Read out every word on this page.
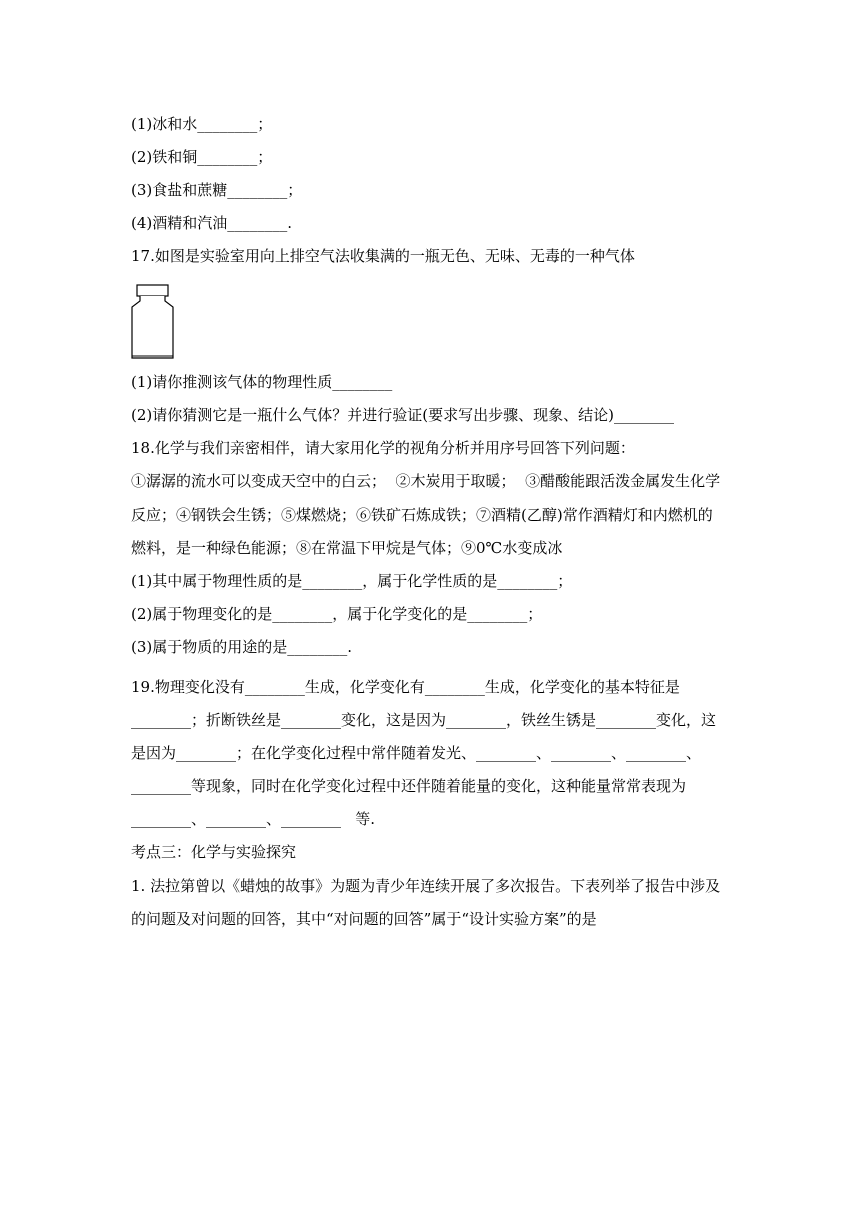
(1)冰和水________；
(2)铁和铜________；
(3)食盐和蔗糖________；
(4)酒精和汽油________.
17.如图是实验室用向上排空气法收集满的一瓶无色、无味、无毒的一种气体
(1)请你推测该气体的物理性质________
(2)请你猜测它是一瓶什么气体？并进行验证(要求写出步骤、现象、结论)________
18.化学与我们亲密相伴，请大家用化学的视角分析并用序号回答下列问题：
①潺潺的流水可以变成天空中的白云；  ②木炭用于取暖；  ③醋酸能跟活泼金属发生化学
反应；④钢铁会生锈；⑤煤燃烧；⑥铁矿石炼成铁；⑦酒精(乙醇)常作酒精灯和内燃机的
燃料，是一种绿色能源；⑧在常温下甲烷是气体；⑨0℃水变成冰
(1)其中属于物理性质的是________，属于化学性质的是________；
(2)属于物理变化的是________，属于化学变化的是________；
(3)属于物质的用途的是________.
19.物理变化没有________生成，化学变化有________生成，化学变化的基本特征是
________；折断铁丝是________变化，这是因为________，铁丝生锈是________变化，这
是因为________；在化学变化过程中常伴随着发光、________、________、________、
________等现象，同时在化学变化过程中还伴随着能量的变化，这种能量常常表现为
________、________、________   等.
考点三：化学与实验探究
1. 法拉第曾以《蜡烛的故事》为题为青少年连续开展了多次报告。下表列举了报告中涉及
的问题及对问题的回答，其中“对问题的回答”属于“设计实验方案”的是
